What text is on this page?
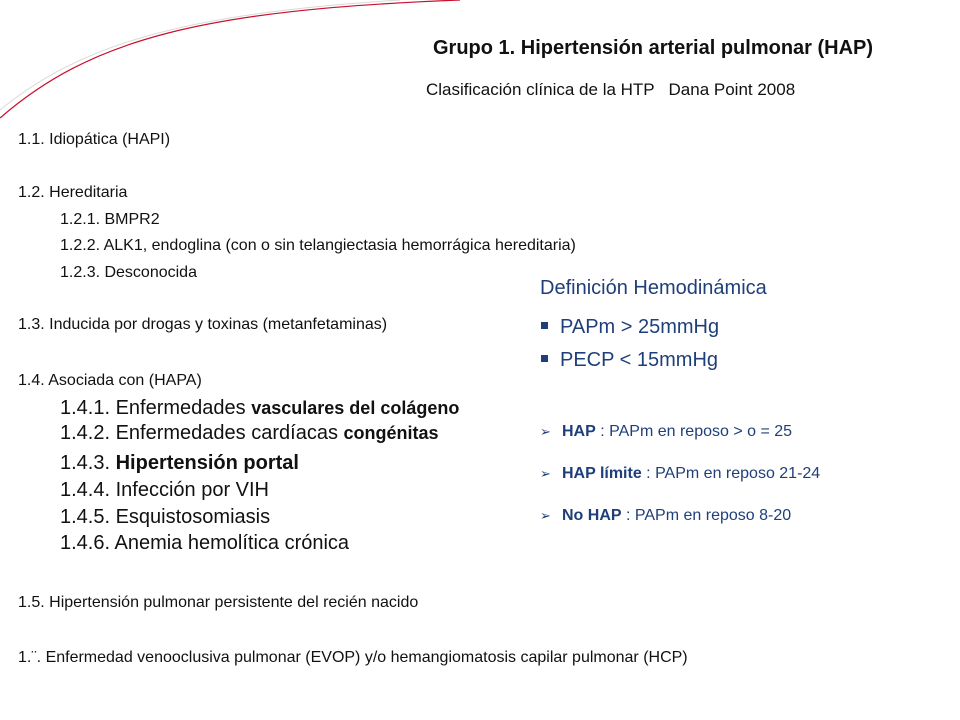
Grupo 1. Hipertensión arterial pulmonar (HAP)
Clasificación clínica de la HTP   Dana Point 2008
1.1. Idiopática (HAPI)
1.2. Hereditaria
1.2.1. BMPR2
1.2.2. ALK1, endoglina (con o sin telangiectasia hemorrágica hereditaria)
1.2.3. Desconocida
1.3. Inducida por drogas y toxinas (metanfetaminas)
1.4. Asociada con (HAPA)
1.4.1. Enfermedades vasculares del colágeno
1.4.2. Enfermedades cardíacas congénitas
1.4.3. Hipertensión portal
1.4.4. Infección por VIH
1.4.5. Esquistosomiasis
1.4.6. Anemia hemolítica crónica
1.5. Hipertensión pulmonar persistente del recién nacido
1.¨. Enfermedad venooclusiva pulmonar (EVOP) y/o hemangiomatosis capilar pulmonar (HCP)
Definición Hemodinámica
PAPm > 25mmHg
PECP < 15mmHg
➢ HAP : PAPm en reposo > o = 25
➢ HAP límite : PAPm en reposo 21-24
➢ No HAP : PAPm en reposo 8-20
